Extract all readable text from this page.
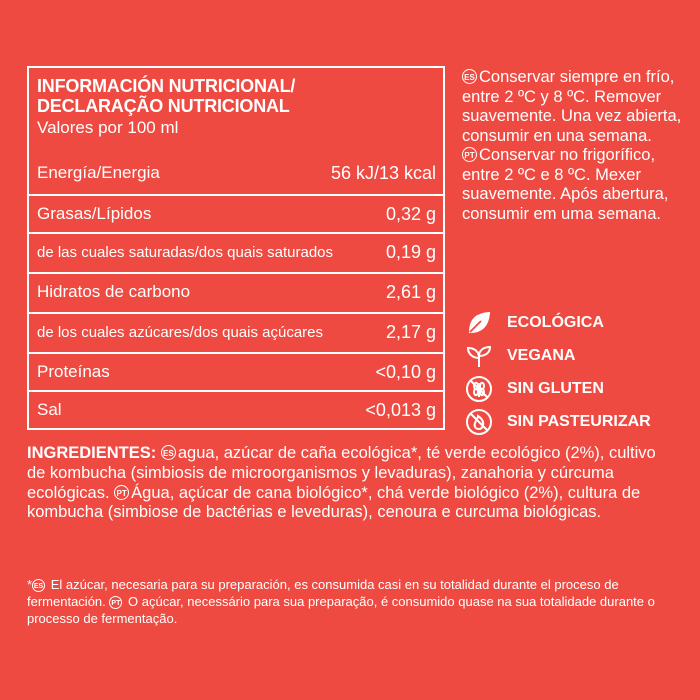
INFORMACIÓN NUTRICIONAL/
DECLARAÇÃO NUTRICIONAL
Valores por 100 ml
Energía/Energia	56 kJ/13 kcal
Grasas/Lípidos	0,32 g
de las cuales saturadas/dos quais saturados	0,19 g
Hidratos de carbono	2,61 g
de los cuales azúcares/dos quais açúcares	2,17 g
Proteínas	<0,10 g
Sal	<0,013 g

ES Conservar siempre en frío, entre 2 ºC y 8 ºC. Remover suavemente. Una vez abierta, consumir en una semana.

PT Conservar no frigorífico, entre 2 ºC e 8 ºC. Mexer suavemente. Após abertura, consumir em uma semana.

ECOLÓGICA
VEGANA
SIN GLUTEN
SIN PASTEURIZAR
INGREDIENTES: ES agua, azúcar de caña ecológica*, té verde ecológico (2%), cultivo de kombucha (simbiosis de microorganismos y levaduras), zanahoria y cúrcuma ecológicas. PT Água, açúcar de cana biológico*, chá verde biológico (2%), cultura de kombucha (simbiose de bactérias e leveduras), cenoura e curcuma biológicas.
* ES El azúcar, necesaria para su preparación, es consumida casi en su totalidad durante el proceso de fermentación. PT O açúcar, necessário para sua preparação, é consumido quase na sua totalidade durante o processo de fermentação.
